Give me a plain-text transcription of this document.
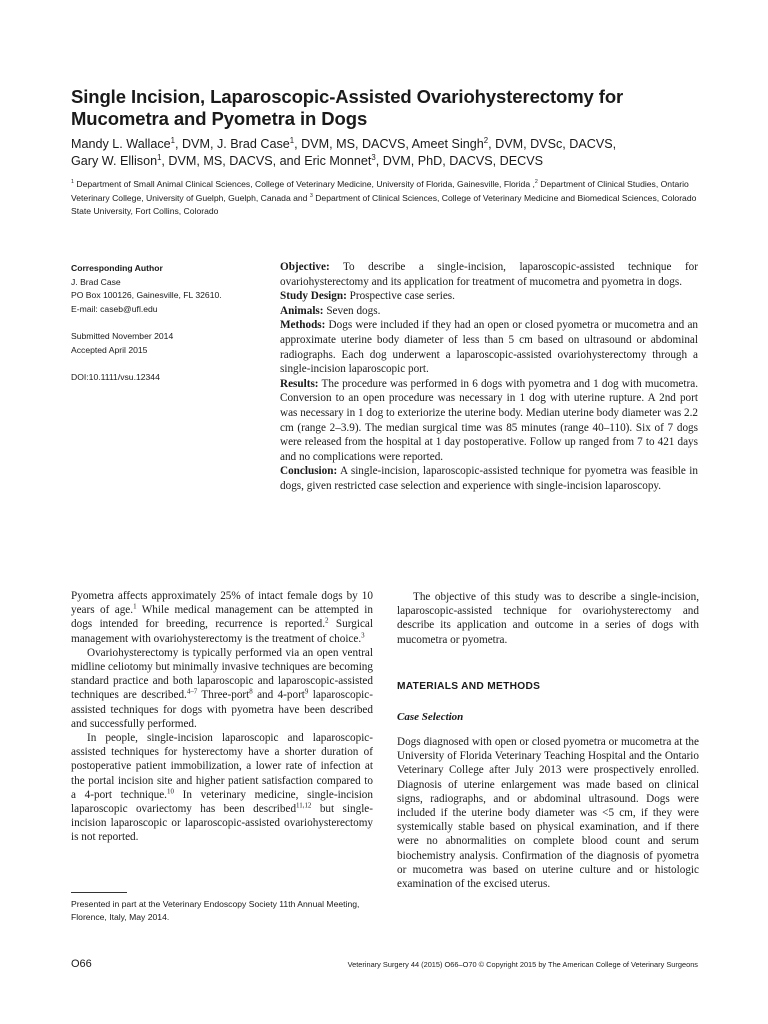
Single Incision, Laparoscopic-Assisted Ovariohysterectomy for Mucometra and Pyometra in Dogs

Mandy L. Wallace$^1$, DVM, J. Brad Case$^1$, DVM, MS, DACVS, Ameet Singh$^2$, DVM, DVSc, DACVS,
Gary W. Ellison$^1$, DVM, MS, DACVS, and Eric Monnet$^3$, DVM, PhD, DACVS, DECVS

$^1$ Department of Small Animal Clinical Sciences, College of Veterinary Medicine, University of Florida, Gainesville, Florida ,$^2$ Department of Clinical Studies, Ontario Veterinary College, University of Guelph, Guelph, Canada and $^3$ Department of Clinical Sciences, College of Veterinary Medicine and Biomedical Sciences, Colorado State University, Fort Collins, Colorado

Corresponding Author
J. Brad Case
PO Box 100126, Gainesville, FL 32610.
E-mail: caseb@ufl.edu
Submitted November 2014
Accepted April 2015
DOI:10.1111/vsu.12344

Objective: To describe a single-incision, laparoscopic-assisted technique for ovariohysterectomy and its application for treatment of mucometra and pyometra in dogs.

Study Design: Prospective case series.

Animals: Seven dogs.

Methods: Dogs were included if they had an open or closed pyometra or mucometra and an approximate uterine body diameter of less than 5 cm based on ultrasound or abdominal radiographs. Each dog underwent a laparoscopic-assisted ovariohysterectomy through a single-incision laparoscopic port.

Results: The procedure was performed in 6 dogs with pyometra and 1 dog with mucometra. Conversion to an open procedure was necessary in 1 dog with uterine rupture. A 2nd port was necessary in 1 dog to exteriorize the uterine body. Median uterine body diameter was 2.2 cm (range 2–3.9). The median surgical time was 85 minutes (range 40–110). Six of 7 dogs were released from the hospital at 1 day postoperative. Follow up ranged from 7 to 421 days and no complications were reported.

Conclusion: A single-incision, laparoscopic-assisted technique for pyometra was feasible in dogs, given restricted case selection and experience with single-incision laparoscopy.

Pyometra affects approximately 25% of intact female dogs by 10 years of age.$^1$ While medical management can be attempted in dogs intended for breeding, recurrence is reported.$^2$ Surgical management with ovariohysterectomy is the treatment of choice.$^3$

Ovariohysterectomy is typically performed via an open ventral midline celiotomy but minimally invasive techniques are becoming standard practice and both laparoscopic and laparoscopic-assisted techniques are described.$^{4-7}$ Three-port$^8$ and 4-port$^9$ laparoscopic-assisted techniques for dogs with pyometra have been described and successfully performed.

In people, single-incision laparoscopic and laparoscopic-assisted techniques for hysterectomy have a shorter duration of postoperative patient immobilization, a lower rate of infection at the portal incision site and higher patient satisfaction compared to a 4-port technique.$^{10}$ In veterinary medicine, single-incision laparoscopic ovariectomy has been described$^{11,12}$ but single-incision laparoscopic or laparoscopic-assisted ovariohysterectomy is not reported.

The objective of this study was to describe a single-incision, laparoscopic-assisted technique for ovariohysterectomy and describe its application and outcome in a series of dogs with mucometra or pyometra.

MATERIALS AND METHODS
Case Selection

Dogs diagnosed with open or closed pyometra or mucometra at the University of Florida Veterinary Teaching Hospital and the Ontario Veterinary College after July 2013 were prospectively enrolled. Diagnosis of uterine enlargement was made based on clinical signs, radiographs, and or abdominal ultrasound. Dogs were included if the uterine body diameter was <5 cm, if they were systemically stable based on physical examination, and if there were no abnormalities on complete blood count and serum biochemistry analysis. Confirmation of the diagnosis of pyometra or mucometra was based on uterine culture and or histologic examination of the excised uterus.

Presented in part at the Veterinary Endoscopy Society 11th Annual Meeting, Florence, Italy, May 2014.

O66	Veterinary Surgery 44 (2015) O66–O70 © Copyright 2015 by The American College of Veterinary Surgeons
